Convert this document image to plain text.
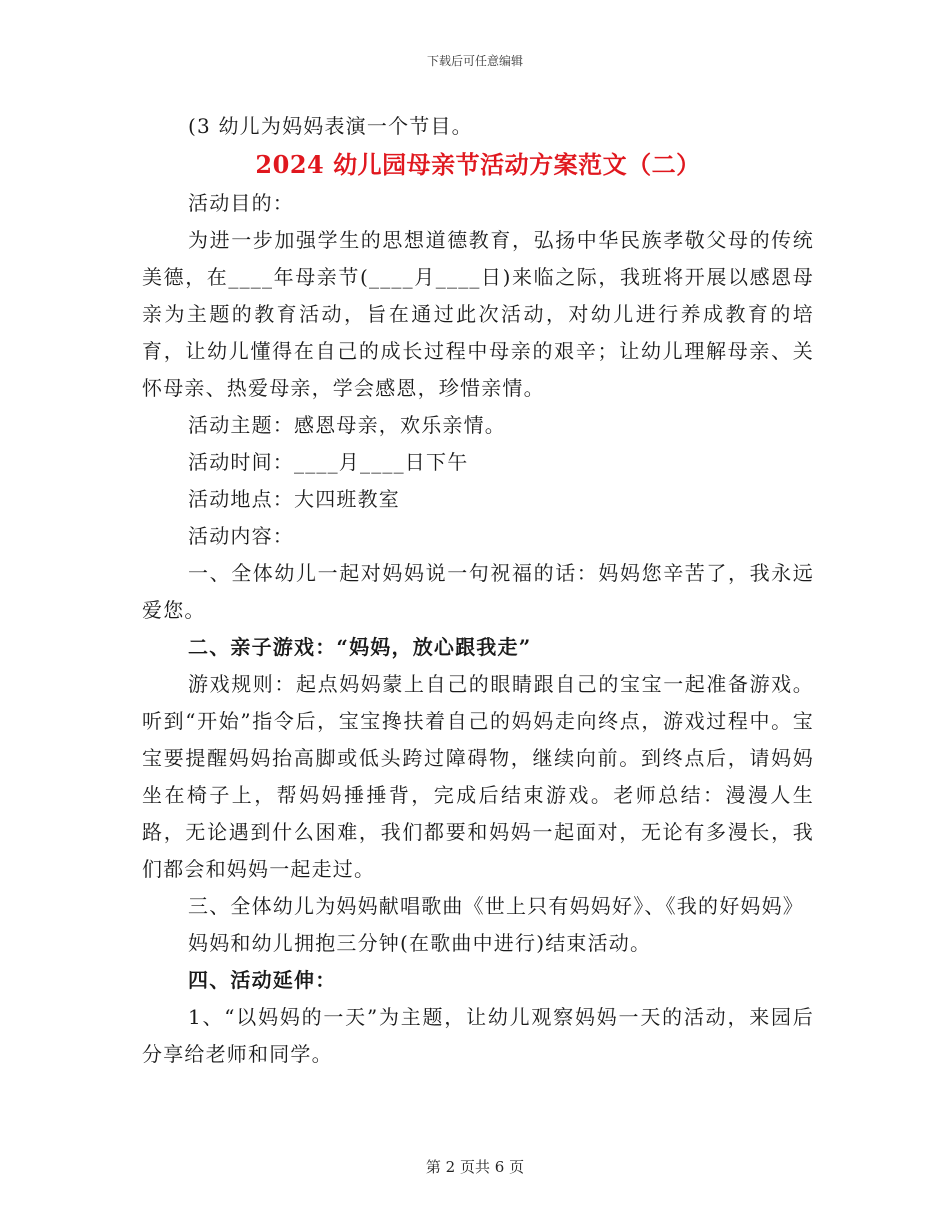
下载后可任意编辑

(3 幼儿为妈妈表演一个节目。

2024 幼儿园母亲节活动方案范文（二）

活动目的：

为进一步加强学生的思想道德教育，弘扬中华民族孝敬父母的传统美德，在____年母亲节(____月____日)来临之际，我班将开展以感恩母亲为主题的教育活动，旨在通过此次活动，对幼儿进行养成教育的培育，让幼儿懂得在自己的成长过程中母亲的艰辛；让幼儿理解母亲、关怀母亲、热爱母亲，学会感恩，珍惜亲情。

活动主题：感恩母亲，欢乐亲情。

活动时间：____月____日下午

活动地点：大四班教室

活动内容：

一、全体幼儿一起对妈妈说一句祝福的话：妈妈您辛苦了，我永远爱您。

二、亲子游戏：“妈妈，放心跟我走”

游戏规则：起点妈妈蒙上自己的眼睛跟自己的宝宝一起准备游戏。听到“开始”指令后，宝宝搀扶着自己的妈妈走向终点，游戏过程中。宝宝要提醒妈妈抬高脚或低头跨过障碍物，继续向前。到终点后，请妈妈坐在椅子上，帮妈妈捶捶背，完成后结束游戏。老师总结：漫漫人生路，无论遇到什么困难，我们都要和妈妈一起面对，无论有多漫长，我们都会和妈妈一起走过。

三、全体幼儿为妈妈献唱歌曲《世上只有妈妈好》、《我的好妈妈》

妈妈和幼儿拥抱三分钟(在歌曲中进行)结束活动。

四、活动延伸：

1、“以妈妈的一天”为主题，让幼儿观察妈妈一天的活动，来园后分享给老师和同学。

第 2 页共 6 页
